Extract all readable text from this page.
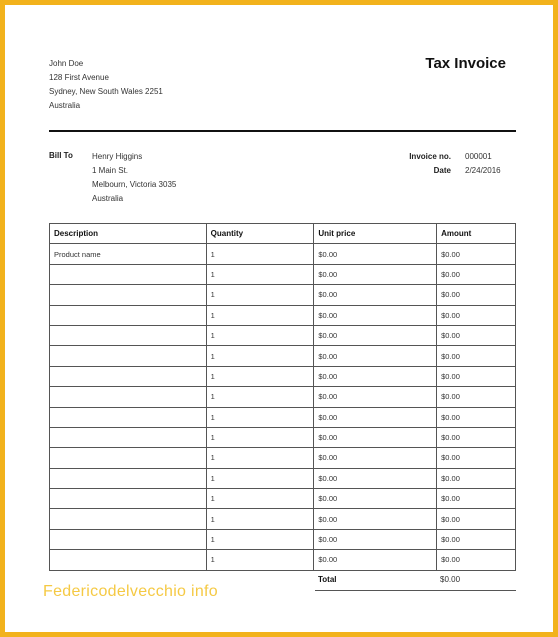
John Doe
128 First Avenue
Sydney, New South Wales 2251
Australia
Tax Invoice
Bill To Henry Higgins
1 Main St.
Melbourn, Victoria 3035
Australia
Invoice no. 000001
Date 2/24/2016
Description	Quantity	Unit price	Amount
Product name	1	$0.00	$0.00
	1	$0.00	$0.00
	1	$0.00	$0.00
	1	$0.00	$0.00
	1	$0.00	$0.00
	1	$0.00	$0.00
	1	$0.00	$0.00
	1	$0.00	$0.00
	1	$0.00	$0.00
	1	$0.00	$0.00
	1	$0.00	$0.00
	1	$0.00	$0.00
	1	$0.00	$0.00
	1	$0.00	$0.00
	1	$0.00	$0.00
	1	$0.00	$0.00
Total	$0.00
Federicodelvecchio info
